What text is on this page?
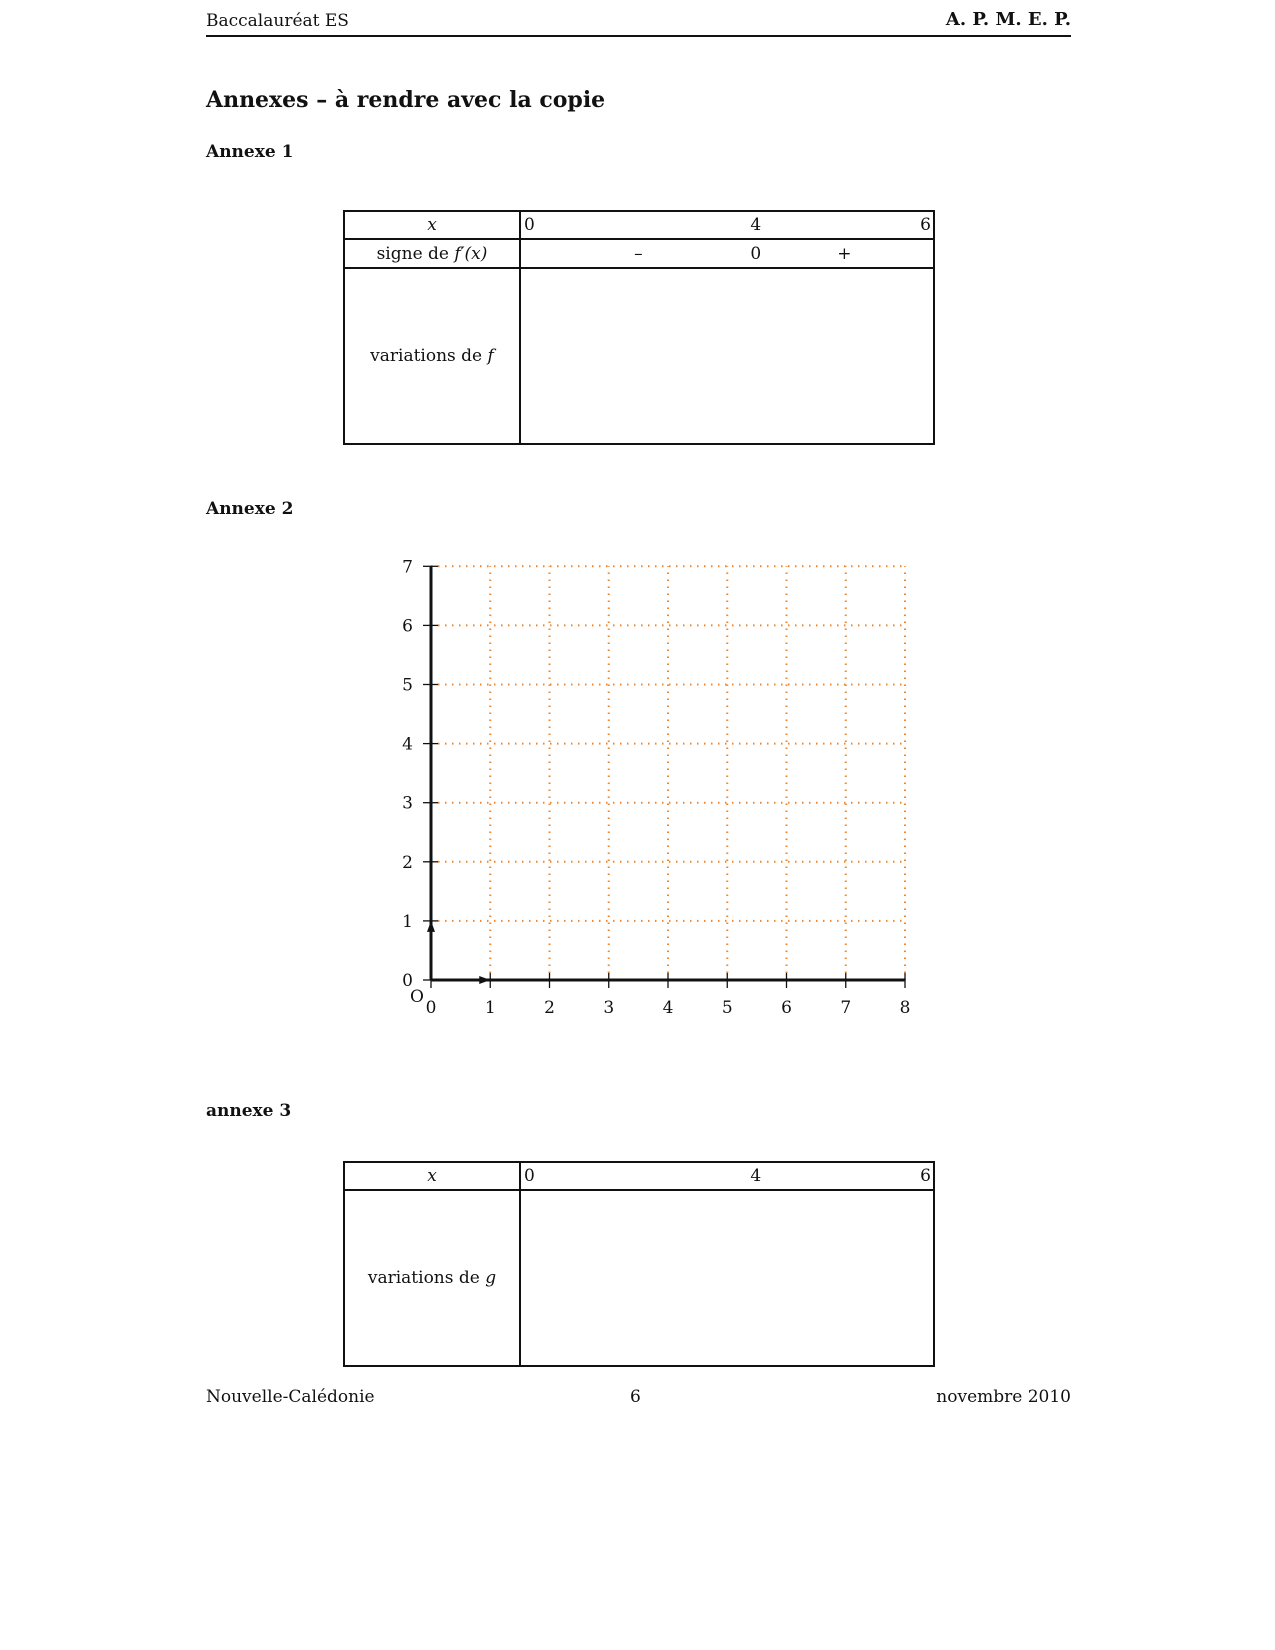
Baccalauréat ES	A. P. M. E. P.
Annexes – à rendre avec la copie
Annexe 1
x	0 4 6

signe de f′(x)	– 0 +

variations de f	
Annexe 2
0	1	2	3	4	5	6	7	8
0
1
2
3
4
5
6
7
O
annexe 3
x	0 4 6

variations de g	
Nouvelle-Calédonie	6	novembre 2010
